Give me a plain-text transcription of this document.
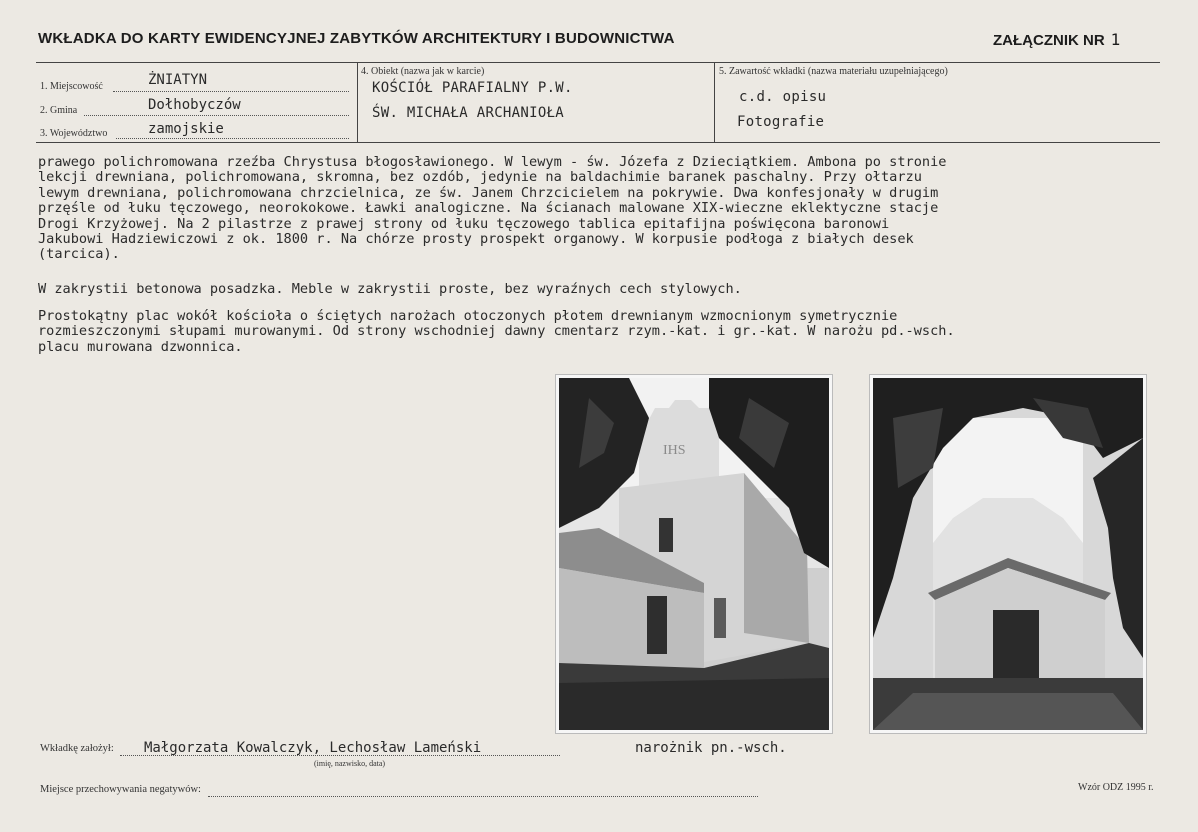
WKŁADKA DO KARTY EWIDENCYJNEJ ZABYTKÓW ARCHITEKTURY I BUDOWNICTWA	ZAŁĄCZNIK NR 1
1. Miejscowość	ŻNIATYN
2. Gmina	Dołhobyczów
3. Województwo	zamojskie
4. Obiekt (nazwa jak w karcie)
KOŚCIÓŁ PARAFIALNY P.W.
ŚW. MICHAŁA ARCHANIOŁA
5. Zawartość wkładki (nazwa materiału uzupełniającego)
c.d. opisu
Fotografie
prawego polichromowana rzeźba Chrystusa błogosławionego. W lewym - św. Józefa z Dzieciątkiem. Ambona po stronie
lekcji drewniana, polichromowana, skromna, bez ozdób, jedynie na baldachimie baranek paschalny. Przy ołtarzu
lewym drewniana, polichromowana chrzcielnica, ze św. Janem Chrzcicielem na pokrywie. Dwa konfesjonały w drugim
przęśle od łuku tęczowego, neorokokowe. Ławki analogiczne. Na ścianach malowane XIX-wieczne eklektyczne stacje
Drogi Krzyżowej. Na 2 pilastrze z prawej strony od łuku tęczowego tablica epitafijna poświęcona baronowi
Jakubowi Hadziewiczowi z ok. 1800 r. Na chórze prosty prospekt organowy. W korpusie podłoga z białych desek
(tarcica).
W zakrystii betonowa posadzka. Meble w zakrystii proste, bez wyraźnych cech stylowych.
Prostokątny plac wokół kościoła o ściętych narożach otoczonych płotem drewnianym wzmocnionym symetrycznie
rozmieszczonymi słupami murowanymi. Od strony wschodniej dawny cmentarz rzym.-kat. i gr.-kat. W narożu pd.-wsch.
placu murowana dzwonnica.
IHS
Wkładkę założył: Małgorzata Kowalczyk, Lechosław Lameński
(imię, nazwisko, data)
narożnik pn.-wsch.
Miejsce przechowywania negatywów:	Wzór ODZ 1995 r.
